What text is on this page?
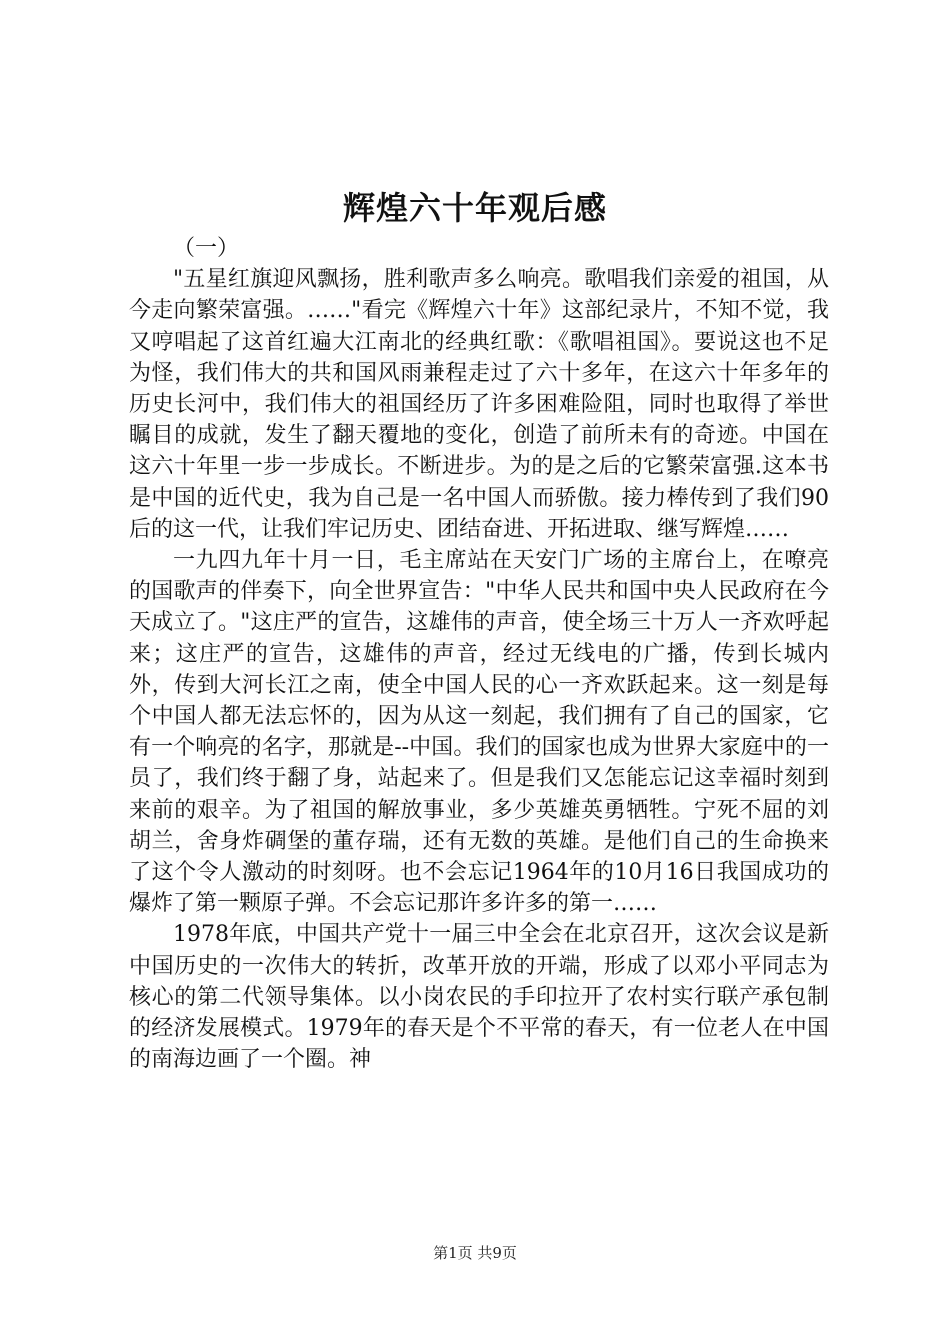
辉煌六十年观后感

（一）

"五星红旗迎风飘扬，胜利歌声多么响亮。歌唱我们亲爱的祖国，从今走向繁荣富强。……"看完《辉煌六十年》这部纪录片，不知不觉，我又哼唱起了这首红遍大江南北的经典红歌：《歌唱祖国》。要说这也不足为怪，我们伟大的共和国风雨兼程走过了六十多年，在这六十年多年的历史长河中，我们伟大的祖国经历了许多困难险阻，同时也取得了举世瞩目的成就，发生了翻天覆地的变化，创造了前所未有的奇迹。中国在这六十年里一步一步成长。不断进步。为的是之后的它繁荣富强.这本书是中国的近代史，我为自己是一名中国人而骄傲。接力棒传到了我们90后的这一代，让我们牢记历史、团结奋进、开拓进取、继写辉煌……

一九四九年十月一日，毛主席站在天安门广场的主席台上，在嘹亮的国歌声的伴奏下，向全世界宣告："中华人民共和国中央人民政府在今天成立了。"这庄严的宣告，这雄伟的声音，使全场三十万人一齐欢呼起来；这庄严的宣告，这雄伟的声音，经过无线电的广播，传到长城内外，传到大河长江之南，使全中国人民的心一齐欢跃起来。这一刻是每个中国人都无法忘怀的，因为从这一刻起，我们拥有了自己的国家，它有一个响亮的名字，那就是--中国。我们的国家也成为世界大家庭中的一员了，我们终于翻了身，站起来了。但是我们又怎能忘记这幸福时刻到来前的艰辛。为了祖国的解放事业，多少英雄英勇牺牲。宁死不屈的刘胡兰，舍身炸碉堡的董存瑞，还有无数的英雄。是他们自己的生命换来了这个令人激动的时刻呀。也不会忘记1964年的10月16日我国成功的爆炸了第一颗原子弹。不会忘记那许多许多的第一……

1978年底，中国共产党十一届三中全会在北京召开，这次会议是新中国历史的一次伟大的转折，改革开放的开端，形成了以邓小平同志为核心的第二代领导集体。以小岗农民的手印拉开了农村实行联产承包制的经济发展模式。1979年的春天是个不平常的春天，有一位老人在中国的南海边画了一个圈。神

第1页 共9页
